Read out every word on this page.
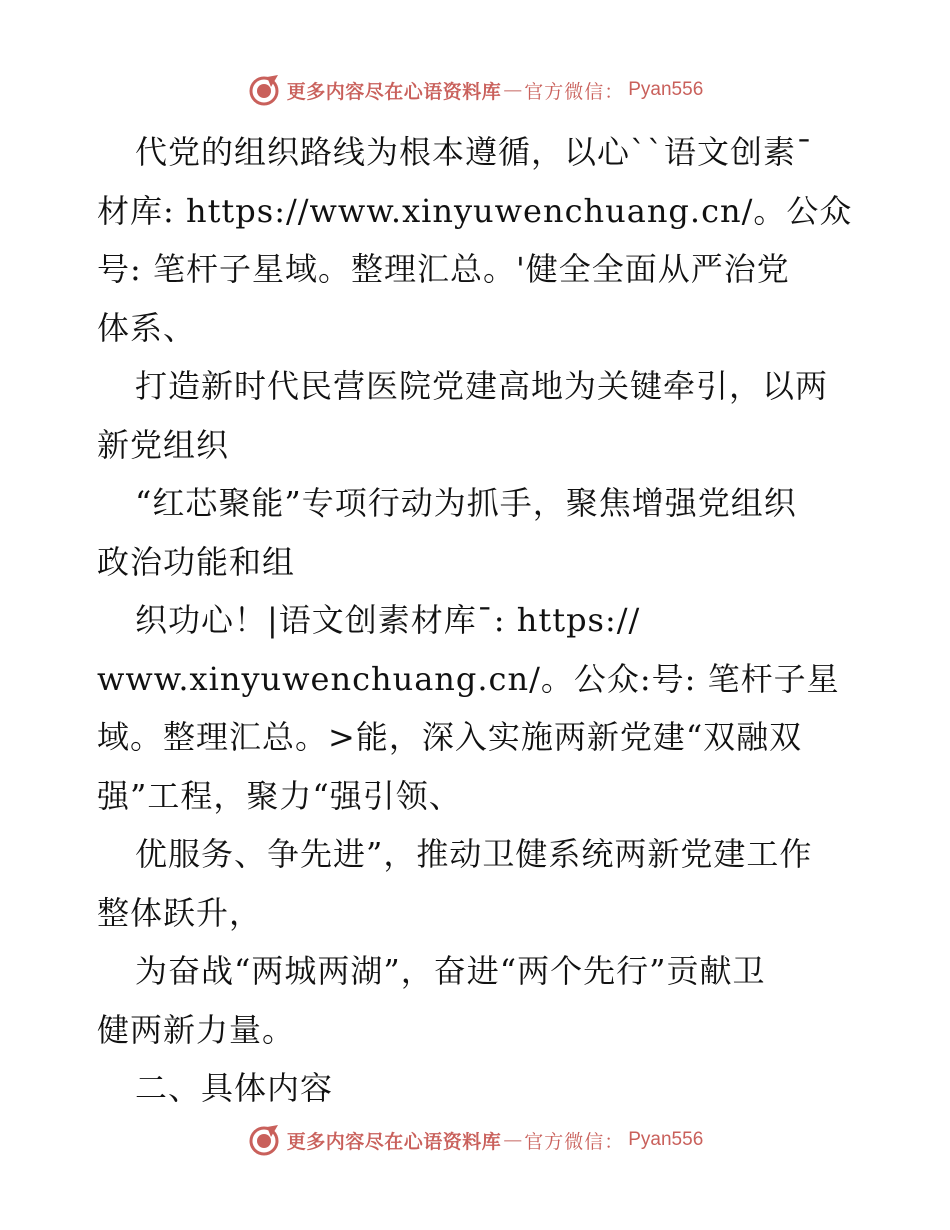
更多内容尽在心语资料库 — 官方微信： Pyan556
代党的组织路线为根本遵循，以心``语文创素¯
材库: https://www.xinyuwenchuang.cn/。公众
号: 笔杆子星域。整理汇总。'健全全面从严治党
体系、
打造新时代民营医院党建高地为关键牵引，以两
新党组织
“红芯聚能”专项行动为抓手，聚焦增强党组织
政治功能和组
织功心！|语文创素材库¯: https://
www.xinyuwenchuang.cn/。公众:号: 笔杆子星
域。整理汇总。>能，深入实施两新党建“双融双
强”工程，聚力“强引领、
优服务、争先进”，推动卫健系统两新党建工作
整体跃升，
为奋战“两城两湖”，奋进“两个先行”贡献卫
健两新力量。
二、具体内容
更多内容尽在心语资料库 — 官方微信： Pyan556
